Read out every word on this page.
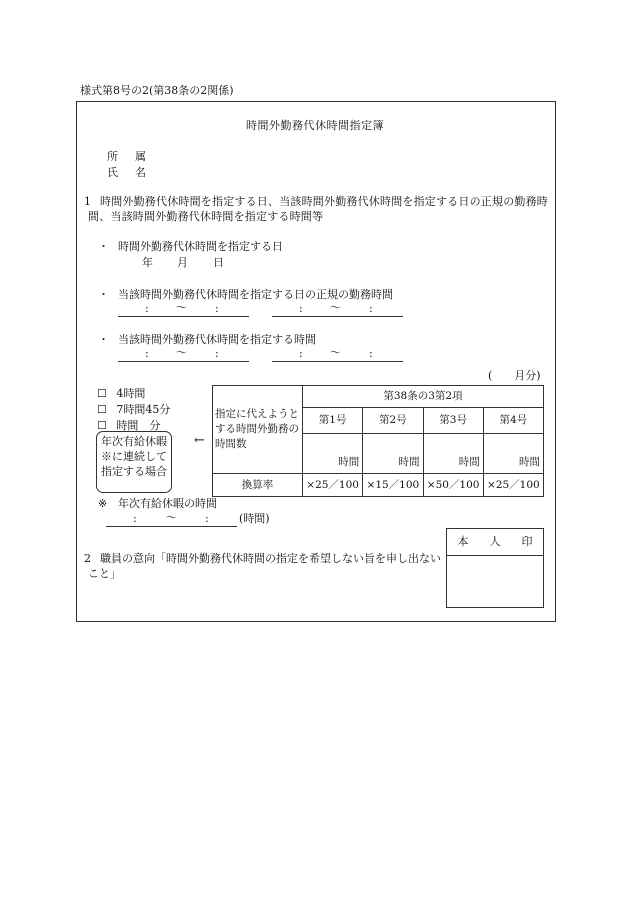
様式第8号の2(第38条の2関係)
時間外勤務代休時間指定簿
所　属
氏　名
1 時間外勤務代休時間を指定する日、当該時間外勤務代休時間を指定する日の正規の勤務時間、当該時間外勤務代休時間を指定する時間等
・ 時間外勤務代休時間を指定する日
年 月 日
・ 当該時間外勤務代休時間を指定する日の正規の勤務時間
: 〜	:	: 〜	:
・ 当該時間外勤務代休時間を指定する時間
: 〜	:	: 〜	:
(　　月分)
☐ 4時間
☐ 7時間45分
☐ 時間　分
年次有給休暇※に連続して指定する場合
←
指定に代えようとする時間外勤務の時間数	第38条の3第2項			
	第1号	第2号	第3号	第4号
	時間	時間	時間	時間
換算率	×25／100	×15／100	×50／100	×25／100
※ 年次有給休暇の時間
:	〜	:	(時間)
本 人 印
2 職員の意向「時間外勤務代休時間の指定を希望しない旨を申し出ないこと」
